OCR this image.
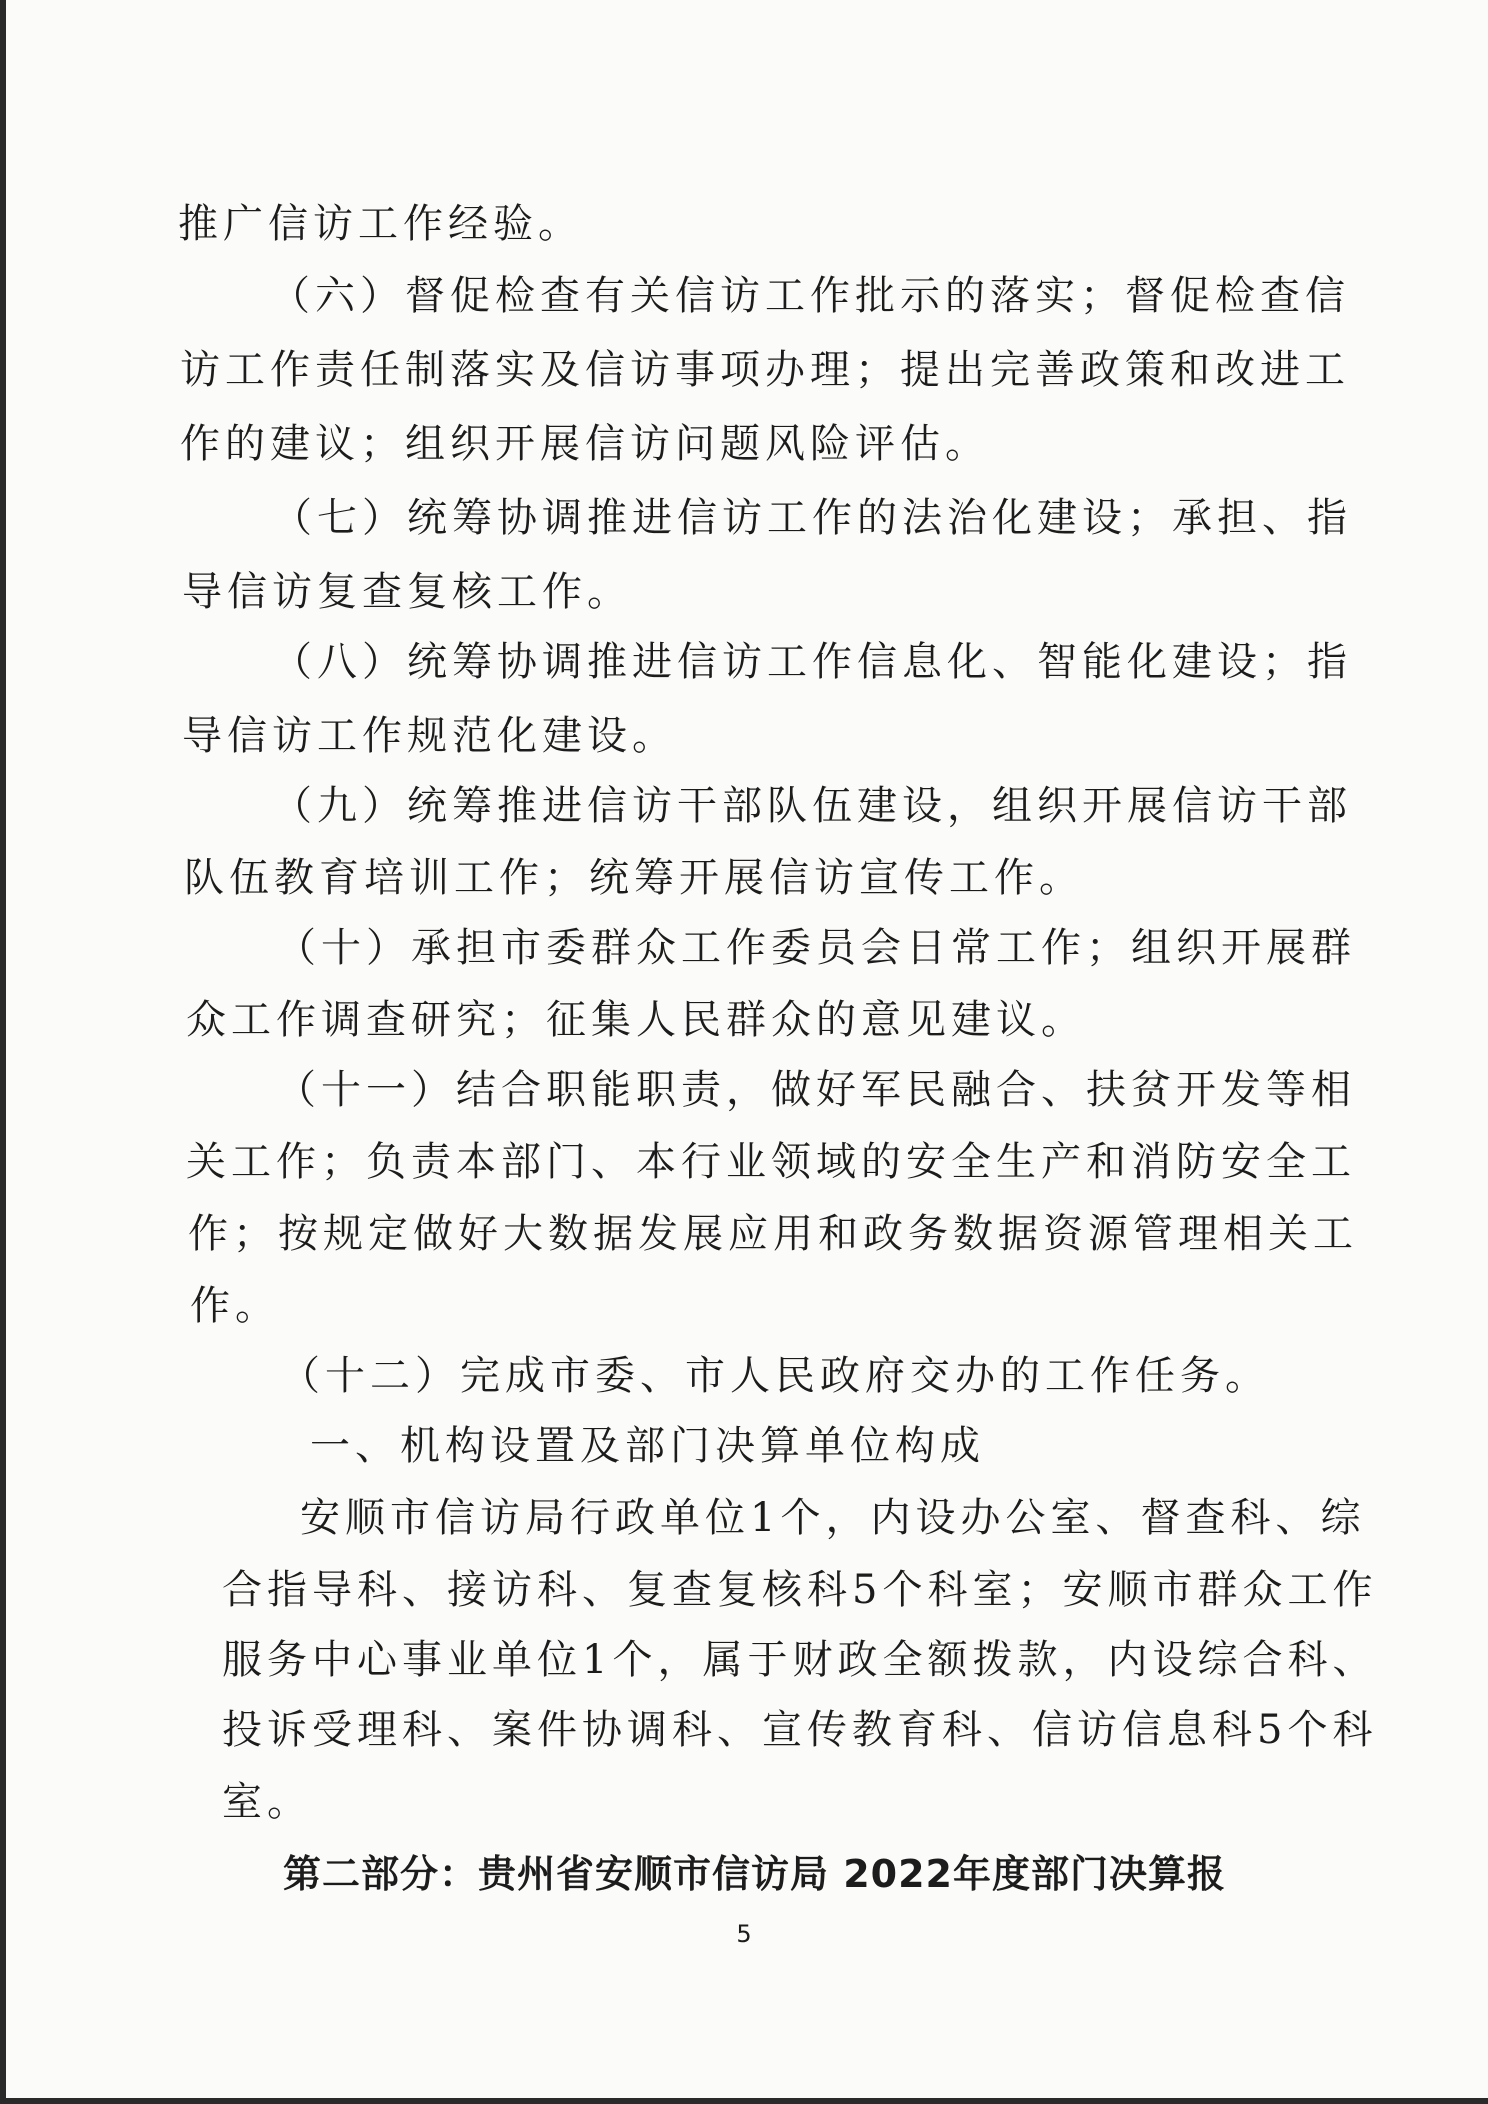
推广信访工作经验。
（六）督促检查有关信访工作批示的落实；督促检查信
访工作责任制落实及信访事项办理；提出完善政策和改进工
作的建议；组织开展信访问题风险评估。
（七）统筹协调推进信访工作的法治化建设；承担、指
导信访复查复核工作。
（八）统筹协调推进信访工作信息化、智能化建设；指
导信访工作规范化建设。
（九）统筹推进信访干部队伍建设，组织开展信访干部
队伍教育培训工作；统筹开展信访宣传工作。
（十）承担市委群众工作委员会日常工作；组织开展群
众工作调查研究；征集人民群众的意见建议。
（十一）结合职能职责，做好军民融合、扶贫开发等相
关工作；负责本部门、本行业领域的安全生产和消防安全工
作；按规定做好大数据发展应用和政务数据资源管理相关工
作。
（十二）完成市委、市人民政府交办的工作任务。
一、机构设置及部门决算单位构成
安顺市信访局行政单位1个，内设办公室、督查科、综
合指导科、接访科、复查复核科5个科室；安顺市群众工作
服务中心事业单位1个，属于财政全额拨款，内设综合科、
投诉受理科、案件协调科、宣传教育科、信访信息科5个科
室。
第二部分：贵州省安顺市信访局 2022年度部门决算报
5
